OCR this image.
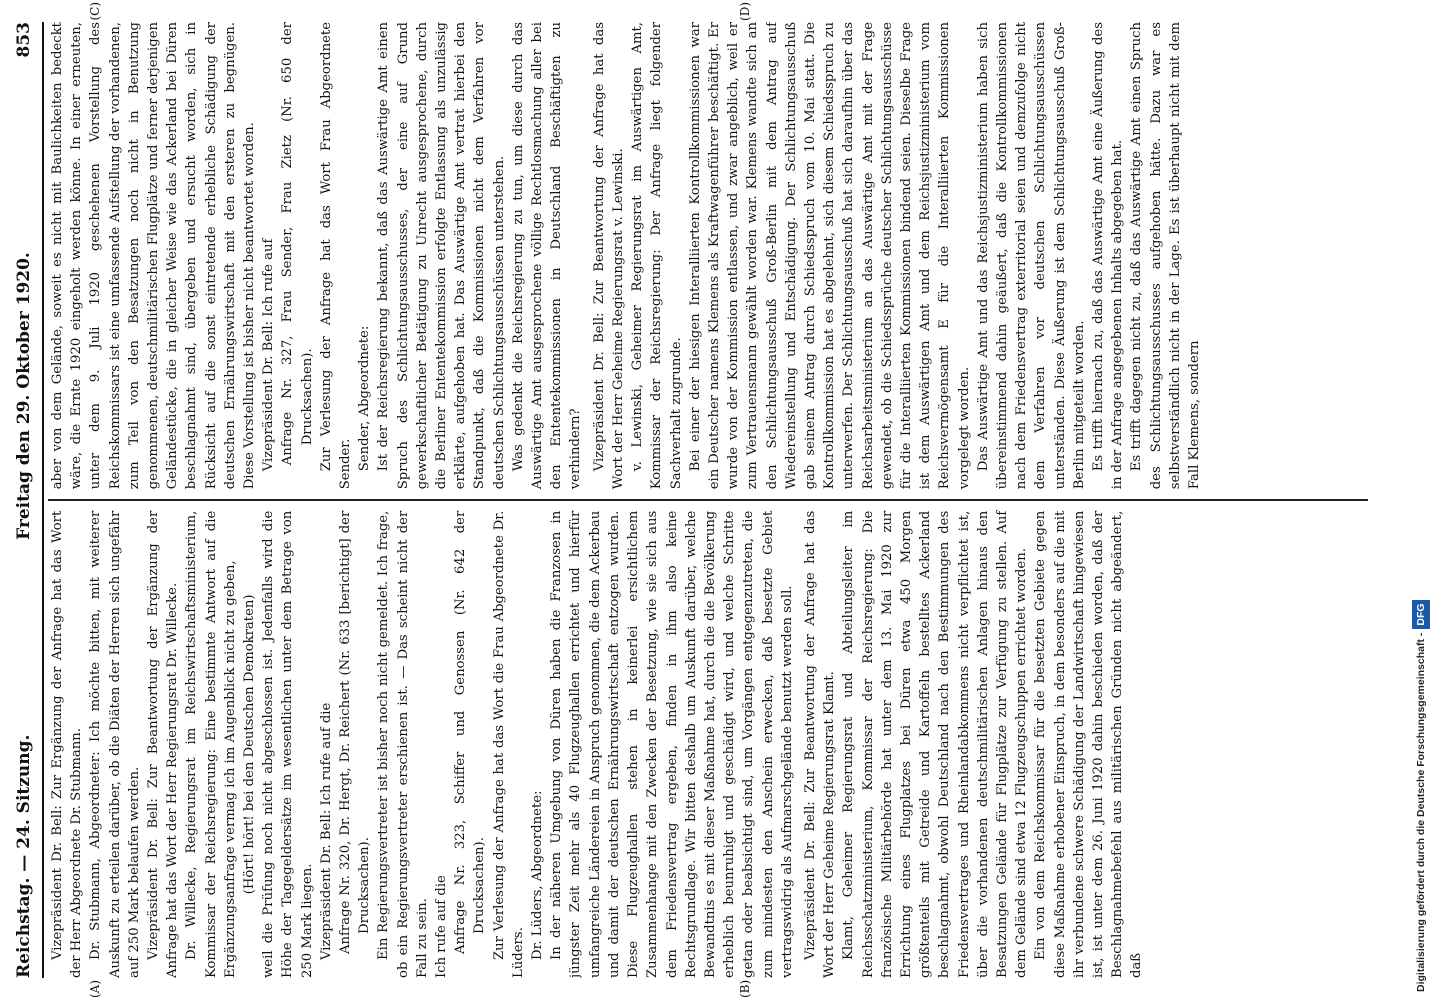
Reichstag. — 24. Sitzung.
Freitag den 29. Oktober 1920.
853
(A)	(B)
(C)	(D)

Vizepräsident Dr. Bell: Zur Ergänzung der Anfrage hat das Wort der Herr Abgeordnete Dr. Stubmann. Dr. Stubmann, Abgeordneter: Ich möchte bitten, mit weiterer Auskunft zu erteilen darüber, ob die Diäten der Herren sich ungefähr auf 250 Mark belaufen werden. Vizepräsident Dr. Bell: Zur Beantwortung der Ergänzung der Anfrage hat das Wort der Herr Regierungsrat Dr. Willecke. Dr. Willecke, Regierungsrat im Reichswirtschaftsministerium, Kommissar der Reichsregierung: Eine bestimmte Antwort auf die Ergänzungsanfrage vermag ich im Augenblick nicht zu geben, (Hört! hört! bei den Deutschen Demokraten) weil die Prüfung noch nicht abgeschlossen ist. Jedenfalls wird die Höhe der Tagegeldersätze im wesentlichen unter dem Betrage von 250 Mark liegen. Vizepräsident Dr. Bell: Ich rufe auf die Anfrage Nr. 320, Dr. Hergt, Dr. Reichert (Nr. 633 [berichtigt] der Drucksachen). Ein Regierungsvertreter ist bisher noch nicht gemeldet. Ich frage, ob ein Regierungsvertreter erschienen ist. — Das scheint nicht der Fall zu sein. Ich rufe auf die Anfrage Nr. 323, Schiffer und Genossen (Nr. 642 der Drucksachen). Zur Verlesung der Anfrage hat das Wort die Frau Abgeordnete Dr. Lüders. Dr. Lüders, Abgeordnete: In der näheren Umgebung von Düren haben die Franzosen in jüngster Zeit mehr als 40 Flugzeughallen errichtet und hierfür umfangreiche Ländereien in Anspruch genommen, die dem Ackerbau und damit der deutschen Ernährungswirtschaft entzogen wurden. Diese Flugzeughallen stehen in keinerlei ersichtlichem Zusammenhange mit den Zwecken der Besetzung, wie sie sich aus dem Friedensvertrag ergeben, finden in ihm also keine Rechtsgrundlage. Wir bitten deshalb um Auskunft darüber, welche Bewandtnis es mit dieser Maßnahme hat, durch die die Bevölkerung erheblich beunruhigt und geschädigt wird, und welche Schritte getan oder beabsichtigt sind, um Vorgängen entgegenzutreten, die zum mindesten den Anschein erwecken, daß besetzte Gebiet vertragswidrig als Aufmarschgelände benutzt werden soll. Vizepräsident Dr. Bell: Zur Beantwortung der Anfrage hat das Wort der Herr Geheime Regierungsrat Klamt. Klamt, Geheimer Regierungsrat und Abteilungsleiter im Reichsschatzministerium, Kommissar der Reichsregierung: Die französische Militärbehörde hat unter dem 13. Mai 1920 zur Errichtung eines Flugplatzes bei Düren etwa 450 Morgen größtenteils mit Getreide und Kartoffeln bestelltes Ackerland beschlagnahmt, obwohl Deutschland nach den Bestimmungen des Friedensvertrages und Rheinlandabkommens nicht verpflichtet ist, über die vorhandenen deutschmilitärischen Anlagen hinaus den Besatzungen Gelände für Flugplätze zur Verfügung zu stellen. Auf dem Gelände sind etwa 12 Flugzeugschuppen errichtet worden. Ein von dem Reichskommissar für die besetzten Gebiete gegen diese Maßnahme erhobener Einspruch, in dem besonders auf die mit ihr verbundene schwere Schädigung der Landwirtschaft hingewiesen ist, ist unter dem 26. Juni 1920 dahin beschieden worden, daß der Beschlagnahmebefehl aus militärischen Gründen nicht abgeändert, daß

aber von dem Gelände, soweit es nicht mit Baulichkeiten bedeckt wäre, die Ernte 1920 eingeholt werden könne. In einer erneuten, unter dem 9. Juli 1920 geschehenen Vorstellung des Reichskommissars ist eine umfassende Aufstellung der vorhandenen, zum Teil von den Besatzungen noch nicht in Benutzung genommenen, deutschmilitärischen Flugplätze und ferner derjenigen Geländestücke, die in gleicher Weise wie das Ackerland bei Düren beschlagnahmt sind, übergeben und ersucht worden, sich in Rücksicht auf die sonst eintretende erhebliche Schädigung der deutschen Ernährungswirtschaft mit den ersteren zu begnügen. Diese Vorstellung ist bisher nicht beantwortet worden. Vizepräsident Dr. Bell: Ich rufe auf Anfrage Nr. 327, Frau Sender, Frau Zietz (Nr. 650 der Drucksachen). Zur Verlesung der Anfrage hat das Wort Frau Abgeordnete Sender. Sender, Abgeordnete: Ist der Reichsregierung bekannt, daß das Auswärtige Amt einen Spruch des Schlichtungsausschusses, der eine auf Grund gewerkschaftlicher Betätigung zu Unrecht ausgesprochene, durch die Berliner Ententekommission erfolgte Entlassung als unzulässig erklärte, aufgehoben hat. Das Auswärtige Amt vertrat hierbei den Standpunkt, daß die Kommissionen nicht dem Verfahren vor deutschen Schlichtungsausschüssen unterstehen. Was gedenkt die Reichsregierung zu tun, um diese durch das Auswärtige Amt ausgesprochene völlige Rechtlosmachung aller bei den Ententekommissionen in Deutschland Beschäftigten zu verhindern? Vizepräsident Dr. Bell: Zur Beantwortung der Anfrage hat das Wort der Herr Geheime Regierungsrat v. Lewinski. v. Lewinski, Geheimer Regierungsrat im Auswärtigen Amt, Kommissar der Reichsregierung: Der Anfrage liegt folgender Sachverhalt zugrunde. Bei einer der hiesigen Interalliierten Kontrollkommissionen war ein Deutscher namens Klemens als Kraftwagenführer beschäftigt. Er wurde von der Kommission entlassen, und zwar angeblich, weil er zum Vertrauensmann gewählt worden war. Klemens wandte sich an den Schlichtungsausschuß Groß-Berlin mit dem Antrag auf Wiedereinstellung und Entschädigung. Der Schlichtungsausschuß gab seinem Antrag durch Schiedsspruch vom 10. Mai statt. Die Kontrollkommission hat es abgelehnt, sich diesem Schiedsspruch zu unterwerfen. Der Schlichtungsausschuß hat sich daraufhin über das Reichsarbeitsministerium an das Auswärtige Amt mit der Frage gewendet, ob die Schiedssprüche deutscher Schlichtungsausschüsse für die Interalliierten Kommissionen bindend seien. Dieselbe Frage ist dem Auswärtigen Amt und dem Reichsjustizministerium vom Reichsvermögensamt E für die Interalliierten Kommissionen vorgelegt worden. Das Auswärtige Amt und das Reichsjustizministerium haben sich übereinstimmend dahin geäußert, daß die Kontrollkommissionen nach dem Friedensvertrag exterritorial seien und demzufolge nicht dem Verfahren vor deutschen Schlichtungsausschüssen unterständen. Diese Äußerung ist dem Schlichtungsausschuß Groß-Berlin mitgeteilt worden. Es trifft hiernach zu, daß das Auswärtige Amt eine Äußerung des in der Anfrage angegebenen Inhalts abgegeben hat. Es trifft dagegen nicht zu, daß das Auswärtige Amt einen Spruch des Schlichtungsausschusses aufgehoben hätte. Dazu war es selbstverständlich nicht in der Lage. Es ist überhaupt nicht mit dem Fall Klemens, sondern

Digitalisierung gefördert durch die Deutsche Forschungsgemeinschaft -DFG
